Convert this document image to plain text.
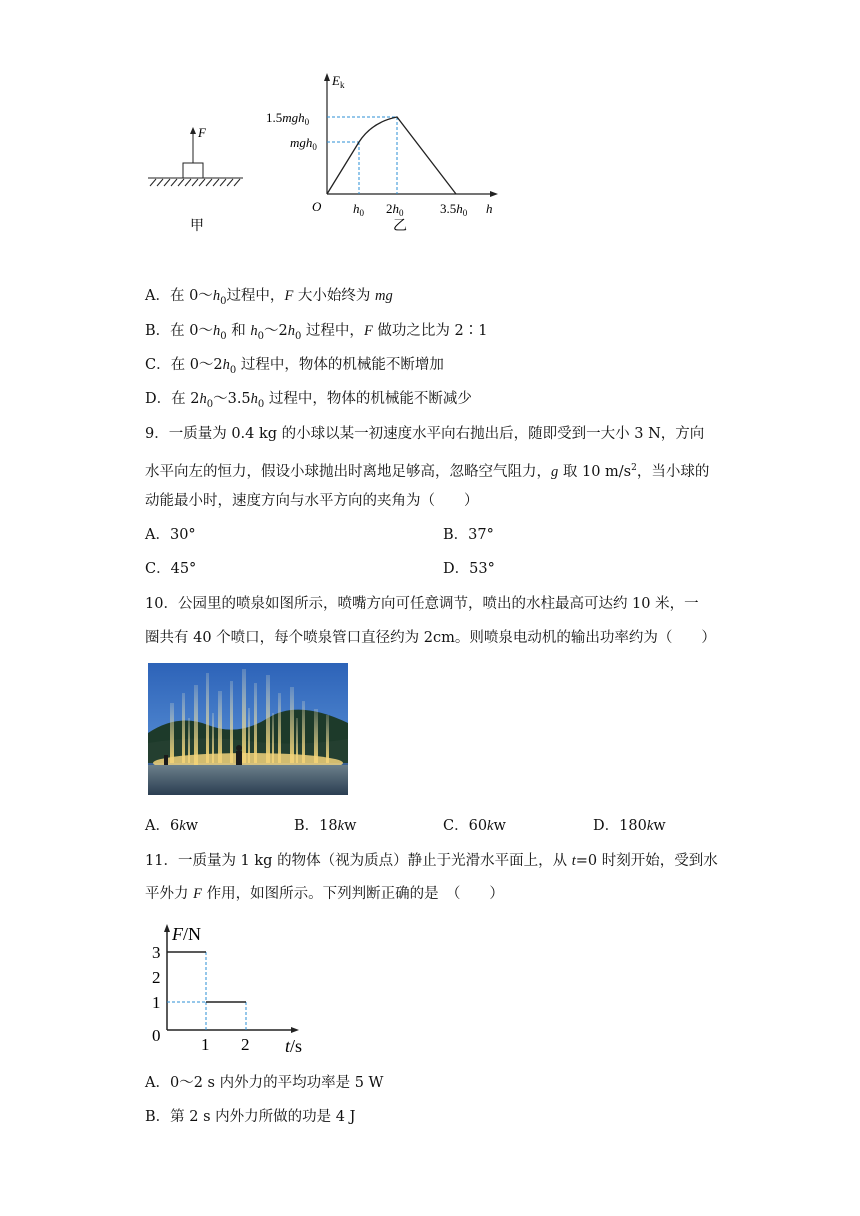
F
甲
$E_k$
1.5mgh$_0$
mgh$_0$
O $h_0$ $2h_0$	$3.5h_0$ h
乙
A．在 $0\sim h_0$过程中，F 大小始终为 mg
B．在 $0\sim h_0$ 和 $h_0\sim 2h_0$ 过程中，F 做功之比为 2∶1
C．在 $0\sim 2h_0$ 过程中，物体的机械能不断增加
D．在 $2h_0\sim 3.5h_0$ 过程中，物体的机械能不断减少
9．一质量为 0.4 kg 的小球以某一初速度水平向右抛出后，随即受到一大小 3 N，方向
水平向左的恒力，假设小球抛出时离地足够高，忽略空气阻力，g 取 10 $m/s^2$，当小球的
动能最小时，速度方向与水平方向的夹角为（　　）
A．30°	B．37°
C．45°	D．53°
10．公园里的喷泉如图所示，喷嘴方向可任意调节，喷出的水柱最高可达约 10 米，一
圈共有 40 个喷口，每个喷泉管口直径约为 2cm。则喷泉电动机的输出功率约为（　　）
A．6kw	B．18kw	C．60kw	D．180kw
11．一质量为 1 kg 的物体（视为质点）静止于光滑水平面上，从 t=0 时刻开始，受到水
平外力 F 作用，如图所示。下列判断正确的是　（　　）
F/N
3
2
1
0 1 2 t/s
A．0～2 s 内外力的平均功率是 5 W
B．第 2 s 内外力所做的功是 4 J
